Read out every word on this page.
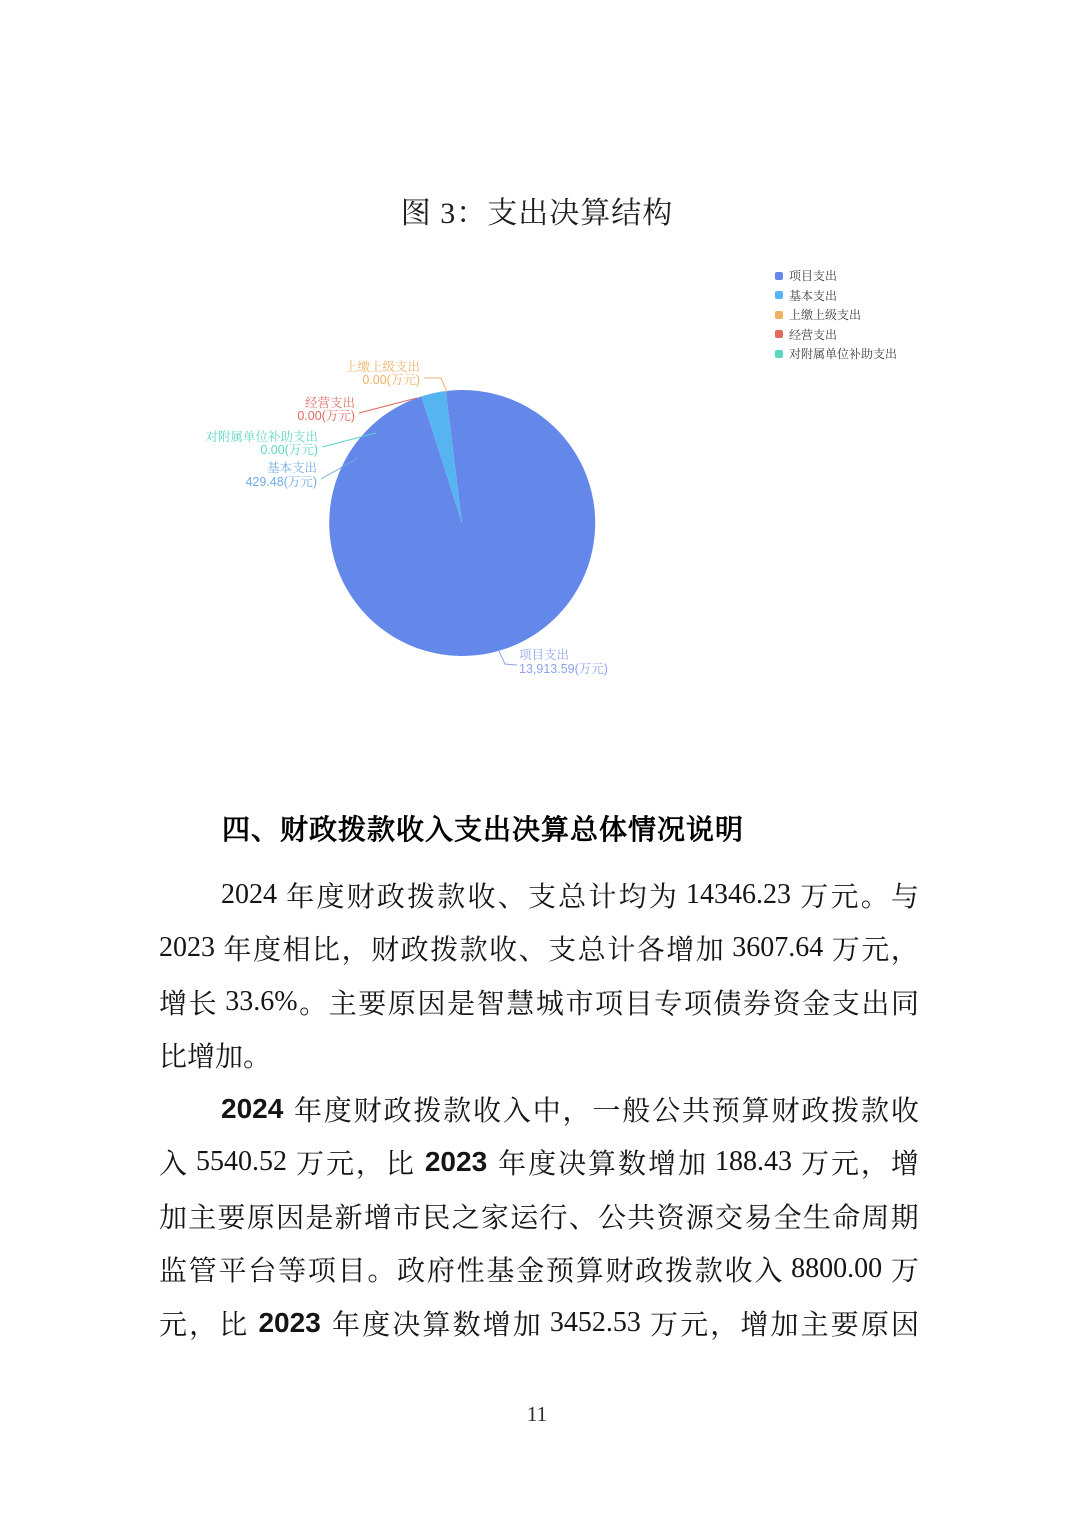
图 3：支出决算结构
项目支出
13,913.59(万元)
基本支出
429.48(万元)
上缴上级支出
0.00(万元)
经营支出
0.00(万元)
对附属单位补助支出
0.00(万元)
项目支出
基本支出
上缴上级支出
经营支出
对附属单位补助支出
四、财政拨款收入支出决算总体情况说明
2024 年 度 财 政 拨 款 收 、 支 总 计 均 为 14346.23 万 元 。 与
2023 年 度 相 比 ， 财 政 拨 款 收 、 支 总 计 各 增 加 3607.64 万 元 ，
增 长 33.6% 。 主 要 原 因 是 智 慧 城 市 项 目 专 项 债 券 资 金 支 出 同
比 增 加 。
2024
年 度 财 政 拨 款 收 入 中 ， 一 般 公 共 预 算 财 政 拨 款 收
入 5540.52 万 元 ， 比
2023
年 度 决 算 数 增 加 188.43 万 元 ， 增
加 主 要 原 因 是 新 增 市 民 之 家 运 行 、 公 共 资 源 交 易 全 生 命 周 期
监 管 平 台 等 项 目 。 政 府 性 基 金 预 算 财 政 拨 款 收 入 8800.00 万
元 ， 比
2023
年 度 决 算 数 增 加 3452.53 万 元 ， 增 加 主 要 原 因
11
